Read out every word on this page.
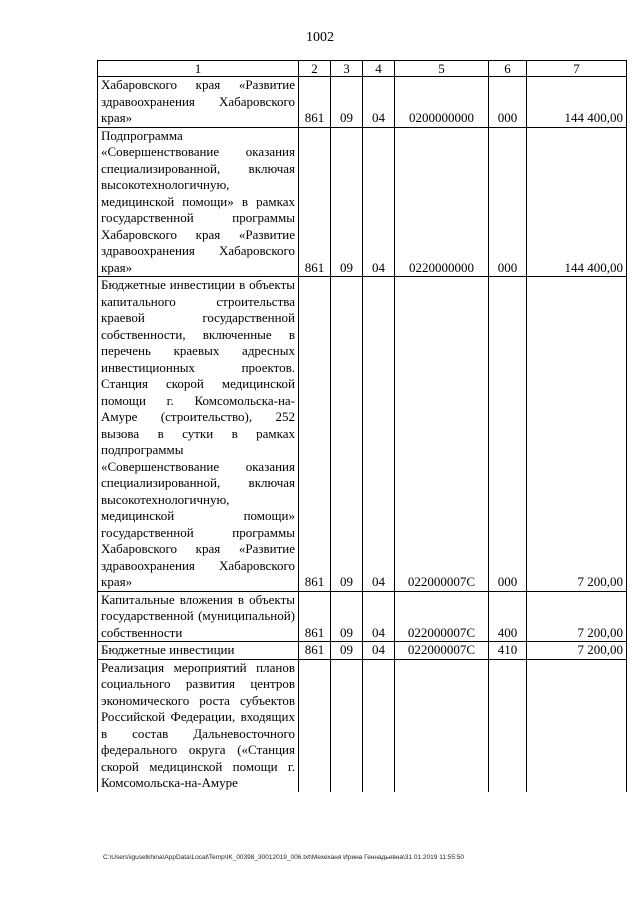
1002
1	2	3	4	5	6	7
Хабаровского края «Развитие здравоохранения Хабаровского края»	861	09	04	0200000000	000	144 400,00
Подпрограмма «Совершенствование оказания специализированной, включая высокотехнологичную, медицинской помощи» в рамках государственной программы Хабаровского края «Развитие здравоохранения Хабаровского края»	861	09	04	0220000000	000	144 400,00
Бюджетные инвестиции в объекты капитального строительства краевой государственной собственности, включенные в перечень краевых адресных инвестиционных проектов. Станция скорой медицинской помощи г. Комсомольска-на-Амуре (строительство), 252 вызова в сутки в рамках подпрограммы «Совершенствование оказания специализированной, включая высокотехнологичную, медицинской помощи» государственной программы Хабаровского края «Развитие здравоохранения Хабаровского края»	861	09	04	022000007С	000	7 200,00
Капитальные вложения в объекты государственной (муниципальной) собственности	861	09	04	022000007С	400	7 200,00
Бюджетные инвестиции	861	09	04	022000007С	410	7 200,00
Реализация мероприятий планов социального развития центров экономического роста субъектов Российской Федерации, входящих в состав Дальневосточного федерального округа («Станция скорой медицинской помощи г. Комсомольска-на-Амуре						
C:\Users\iguselkhina\AppData\Local\Temp\IK_00398_30012019_006.txt\Мехеханя Ирина Геннадьевна\31.01.2019 11:55:50
